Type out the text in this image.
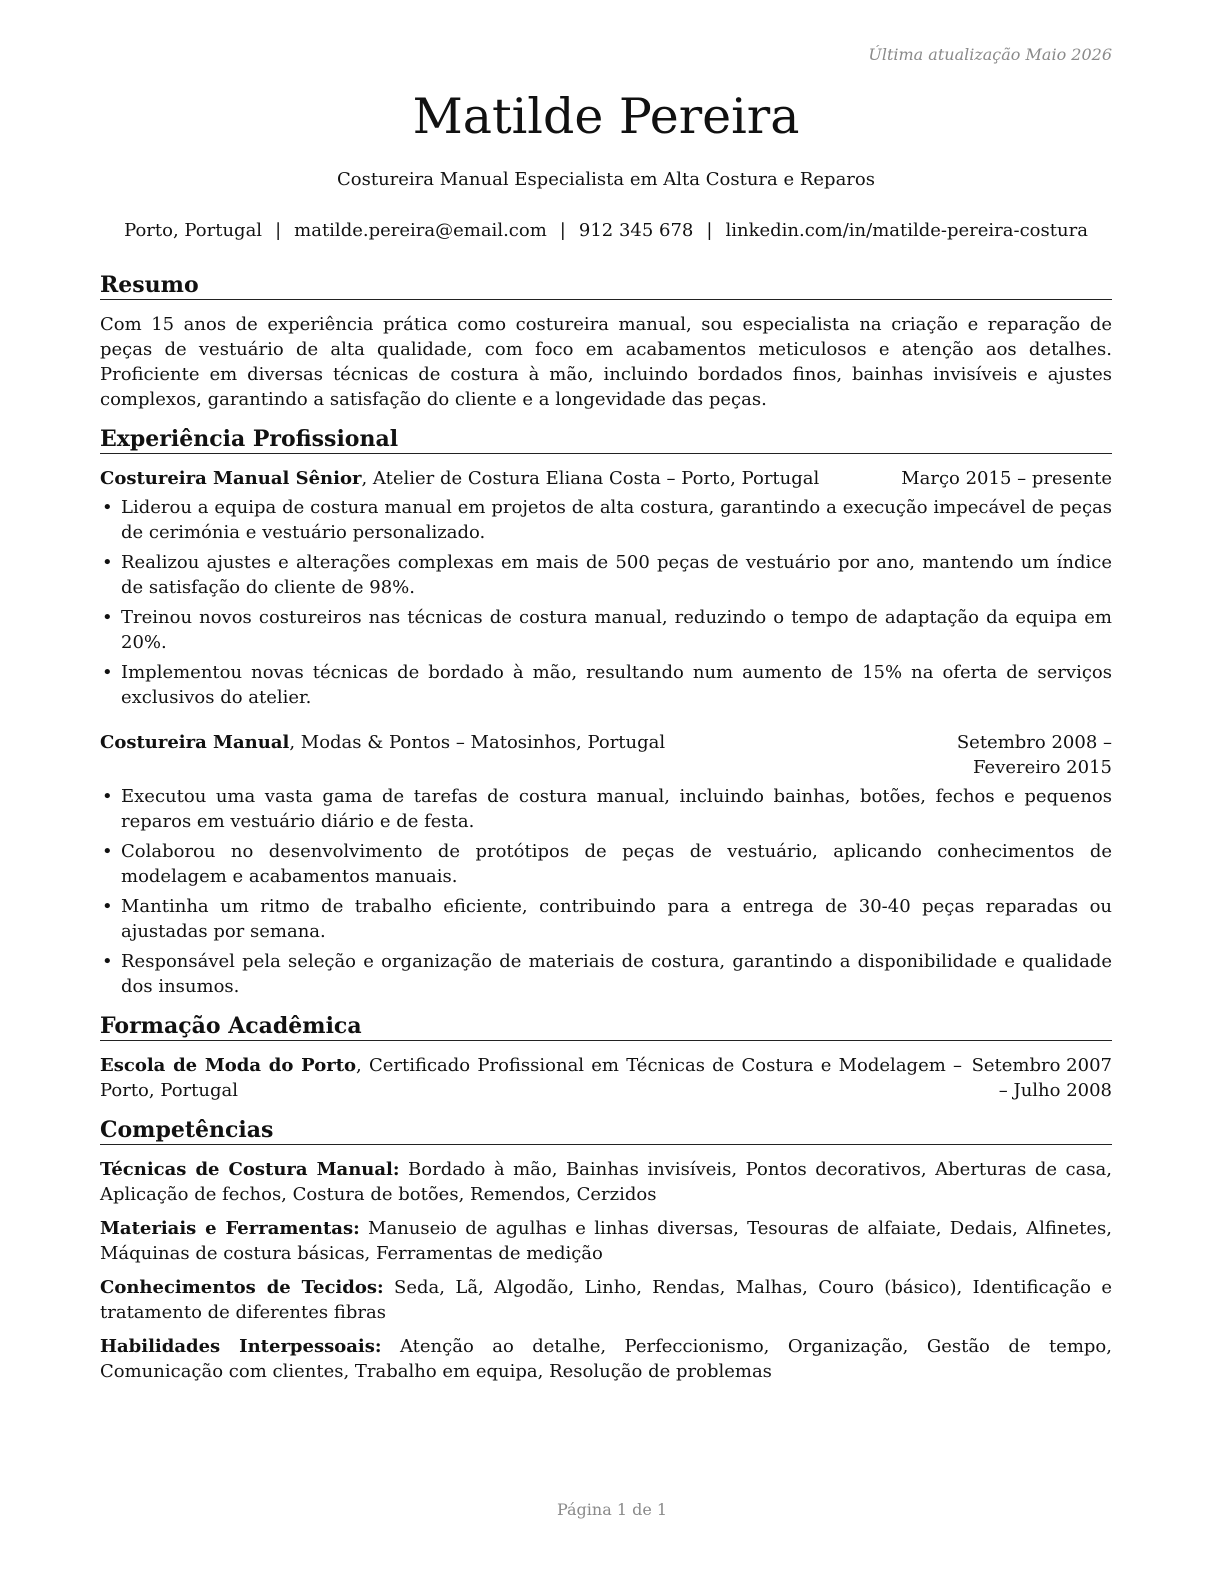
Última atualização Maio 2026
Matilde Pereira
Costureira Manual Especialista em Alta Costura e Reparos
Porto, Portugal | matilde.pereira@email.com | 912 345 678 | linkedin.com/in/matilde-pereira-costura
Resumo

Com 15 anos de experiência prática como costureira manual, sou especialista na criação e reparação de peças de vestuário de alta qualidade, com foco em acabamentos meticulosos e atenção aos detalhes. Proficiente em diversas técnicas de costura à mão, incluindo bordados finos, bainhas invisíveis e ajustes complexos, garantindo a satisfação do cliente e a longevidade das peças.

Experiência Profissional
Costureira Manual Sênior, Atelier de Costura Eliana Costa – Porto, Portugal	Março 2015 – presente
• Liderou a equipa de costura manual em projetos de alta costura, garantindo a execução impecável de peças de cerimónia e vestuário personalizado.
• Realizou ajustes e alterações complexas em mais de 500 peças de vestuário por ano, mantendo um índice de satisfação do cliente de 98%.
• Treinou novos costureiros nas técnicas de costura manual, reduzindo o tempo de adaptação da equipa em 20%.
• Implementou novas técnicas de bordado à mão, resultando num aumento de 15% na oferta de serviços exclusivos do atelier.
Costureira Manual, Modas & Pontos – Matosinhos, Portugal	Setembro 2008 – Fevereiro 2015
• Executou uma vasta gama de tarefas de costura manual, incluindo bainhas, botões, fechos e pequenos reparos em vestuário diário e de festa.
• Colaborou no desenvolvimento de protótipos de peças de vestuário, aplicando conhecimentos de modelagem e acabamentos manuais.
• Mantinha um ritmo de trabalho eficiente, contribuindo para a entrega de 30-40 peças reparadas ou ajustadas por semana.
• Responsável pela seleção e organização de materiais de costura, garantindo a disponibilidade e qualidade dos insumos.
Formação Acadêmica
Escola de Moda do Porto, Certificado Profissional em Técnicas de Costura e Modelagem – Porto, Portugal
Setembro 2007 – Julho 2008
Competências

Técnicas de Costura Manual: Bordado à mão, Bainhas invisíveis, Pontos decorativos, Aberturas de casa, Aplicação de fechos, Costura de botões, Remendos, Cerzidos

Materiais e Ferramentas: Manuseio de agulhas e linhas diversas, Tesouras de alfaiate, Dedais, Alfinetes, Máquinas de costura básicas, Ferramentas de medição

Conhecimentos de Tecidos: Seda, Lã, Algodão, Linho, Rendas, Malhas, Couro (básico), Identificação e tratamento de diferentes fibras

Habilidades Interpessoais: Atenção ao detalhe, Perfeccionismo, Organização, Gestão de tempo, Comunicação com clientes, Trabalho em equipa, Resolução de problemas

Página 1 de 1
